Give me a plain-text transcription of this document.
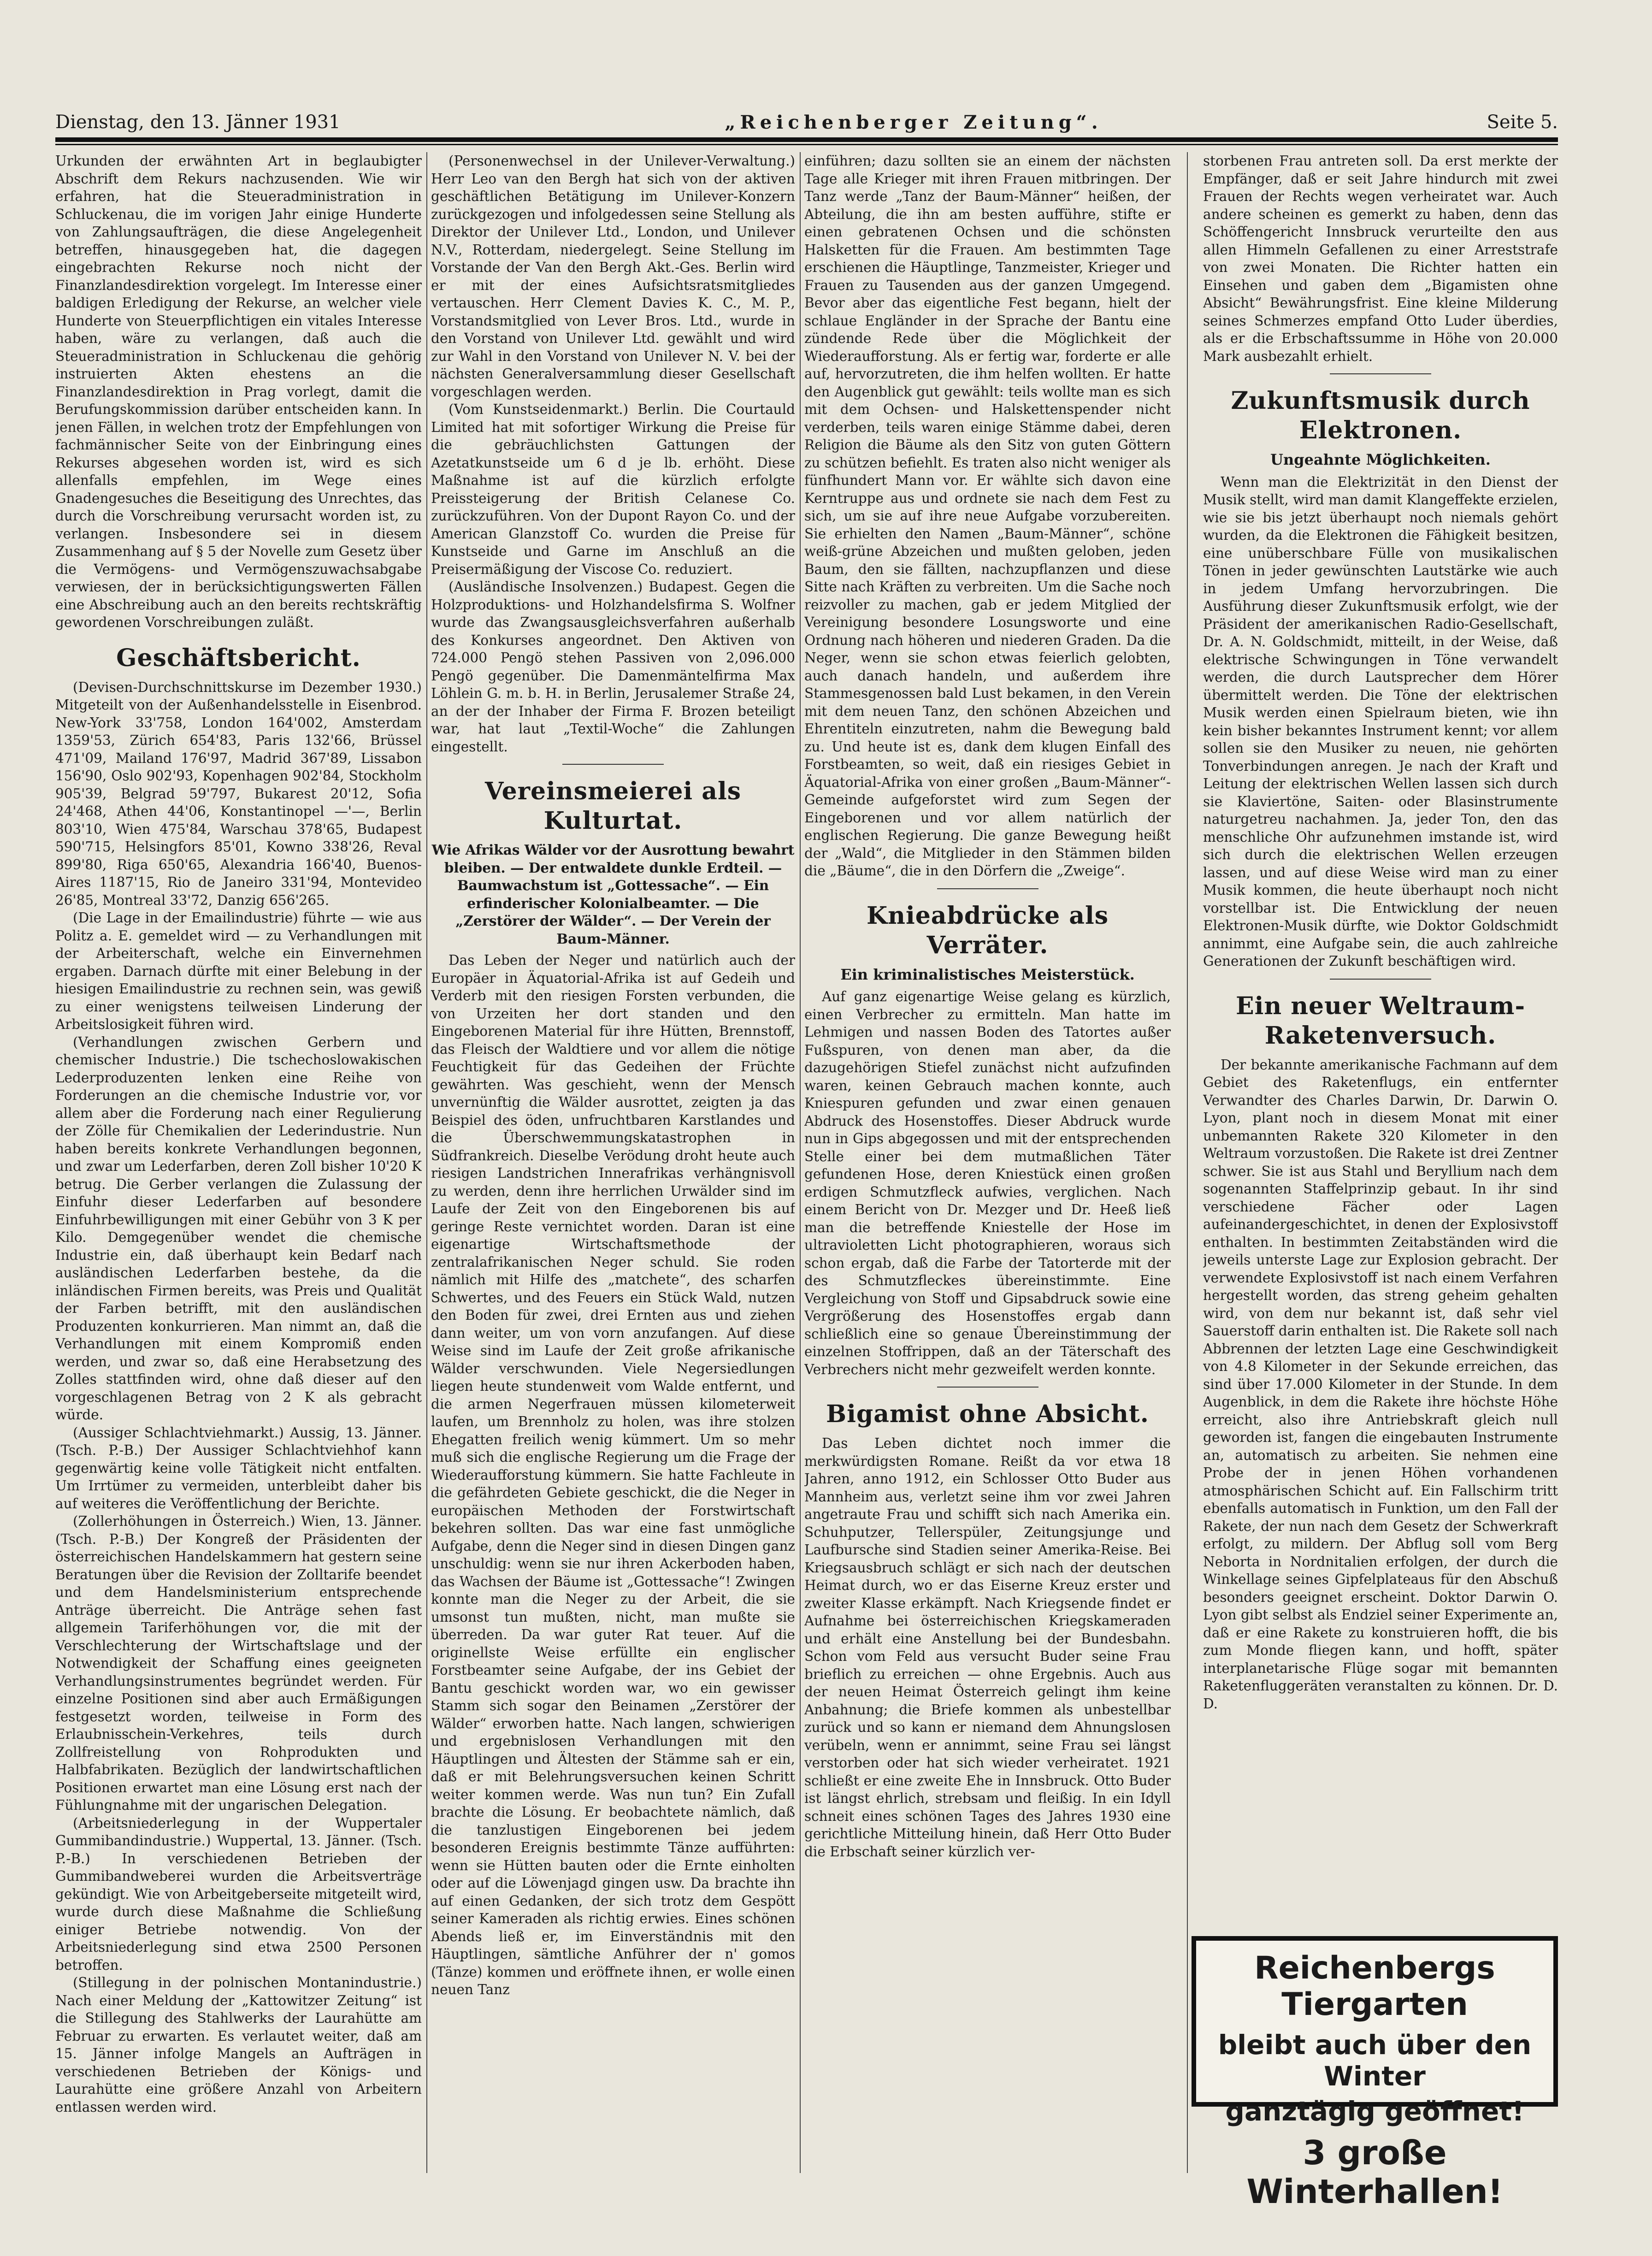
Dienstag, den 13. Jänner 1931	„Reichenberger Zeitung“.	Seite 5.

Urkunden der erwähnten Art in beglaubigter Abschrift dem Rekurs nachzusenden. Wie wir erfahren, hat die Steueradministration in Schluckenau, die im vorigen Jahr einige Hunderte von Zahlungsaufträgen, die diese Angelegenheit betreffen, hinausgegeben hat, die dagegen eingebrachten Rekurse noch nicht der Finanzlandesdirektion vorgelegt. Im Interesse einer baldigen Erledigung der Rekurse, an welcher viele Hunderte von Steuerpflichtigen ein vitales Interesse haben, wäre zu verlangen, daß auch die Steueradministration in Schluckenau die gehörig instruierten Akten ehestens an die Finanzlandesdirektion in Prag vorlegt, damit die Berufungskommission darüber entscheiden kann. In jenen Fällen, in welchen trotz der Empfehlungen von fachmännischer Seite von der Einbringung eines Rekurses abgesehen worden ist, wird es sich allenfalls empfehlen, im Wege eines Gnadengesuches die Beseitigung des Unrechtes, das durch die Vorschreibung verursacht worden ist, zu verlangen. Insbesondere sei in diesem Zusammenhang auf § 5 der Novelle zum Gesetz über die Vermögens- und Vermögenszuwachsabgabe verwiesen, der in berücksichtigungswerten Fällen eine Abschreibung auch an den bereits rechtskräftig gewordenen Vorschreibungen zuläßt.

Geschäftsbericht.

(Devisen-Durchschnittskurse im Dezember 1930.) Mitgeteilt von der Außenhandelsstelle in Eisenbrod. New-York 33'758, London 164'002, Amsterdam 1359'53, Zürich 654'83, Paris 132'66, Brüssel 471'09, Mailand 176'97, Madrid 367'89, Lissabon 156'90, Oslo 902'93, Kopenhagen 902'84, Stockholm 905'39, Belgrad 59'797, Bukarest 20'12, Sofia 24'468, Athen 44'06, Konstantinopel —'—, Berlin 803'10, Wien 475'84, Warschau 378'65, Budapest 590'715, Helsingfors 85'01, Kowno 338'26, Reval 899'80, Riga 650'65, Alexandria 166'40, Buenos-Aires 1187'15, Rio de Janeiro 331'94, Montevideo 26'85, Montreal 33'72, Danzig 656'265.

(Die Lage in der Emailindustrie) führte — wie aus Politz a. E. gemeldet wird — zu Verhandlungen mit der Arbeiterschaft, welche ein Einvernehmen ergaben. Darnach dürfte mit einer Belebung in der hiesigen Emailindustrie zu rechnen sein, was gewiß zu einer wenigstens teilweisen Linderung der Arbeitslosigkeit führen wird.

(Verhandlungen zwischen Gerbern und chemischer Industrie.) Die tschechoslowakischen Lederproduzenten lenken eine Reihe von Forderungen an die chemische Industrie vor, vor allem aber die Forderung nach einer Regulierung der Zölle für Chemikalien der Lederindustrie. Nun haben bereits konkrete Verhandlungen begonnen, und zwar um Lederfarben, deren Zoll bisher 10'20 K betrug. Die Gerber verlangen die Zulassung der Einfuhr dieser Lederfarben auf besondere Einfuhrbewilligungen mit einer Gebühr von 3 K per Kilo. Demgegenüber wendet die chemische Industrie ein, daß überhaupt kein Bedarf nach ausländischen Lederfarben bestehe, da die inländischen Firmen bereits, was Preis und Qualität der Farben betrifft, mit den ausländischen Produzenten konkurrieren. Man nimmt an, daß die Verhandlungen mit einem Kompromiß enden werden, und zwar so, daß eine Herabsetzung des Zolles stattfinden wird, ohne daß dieser auf den vorgeschlagenen Betrag von 2 K als gebracht würde.

(Aussiger Schlachtviehmarkt.) Aussig, 13. Jänner. (Tsch. P.-B.) Der Aussiger Schlachtviehhof kann gegenwärtig keine volle Tätigkeit nicht entfalten. Um Irrtümer zu vermeiden, unterbleibt daher bis auf weiteres die Veröffentlichung der Berichte.

(Zollerhöhungen in Österreich.) Wien, 13. Jänner. (Tsch. P.-B.) Der Kongreß der Präsidenten der österreichischen Handelskammern hat gestern seine Beratungen über die Revision der Zolltarife beendet und dem Handelsministerium entsprechende Anträge überreicht. Die Anträge sehen fast allgemein Tariferhöhungen vor, die mit der Verschlechterung der Wirtschaftslage und der Notwendigkeit der Schaffung eines geeigneten Verhandlungsinstrumentes begründet werden. Für einzelne Positionen sind aber auch Ermäßigungen festgesetzt worden, teilweise in Form des Erlaubnisschein-Verkehres, teils durch Zollfreistellung von Rohprodukten und Halbfabrikaten. Bezüglich der landwirtschaftlichen Positionen erwartet man eine Lösung erst nach der Fühlungnahme mit der ungarischen Delegation.

(Arbeitsniederlegung in der Wuppertaler Gummibandindustrie.) Wuppertal, 13. Jänner. (Tsch. P.-B.) In verschiedenen Betrieben der Gummibandweberei wurden die Arbeitsverträge gekündigt. Wie von Arbeitgeberseite mitgeteilt wird, wurde durch diese Maßnahme die Schließung einiger Betriebe notwendig. Von der Arbeitsniederlegung sind etwa 2500 Personen betroffen.

(Stillegung in der polnischen Montanindustrie.) Nach einer Meldung der „Kattowitzer Zeitung“ ist die Stillegung des Stahlwerks der Laurahütte am Februar zu erwarten. Es verlautet weiter, daß am 15. Jänner infolge Mangels an Aufträgen in verschiedenen Betrieben der Königs- und Laurahütte eine größere Anzahl von Arbeitern entlassen werden wird.

(Personenwechsel in der Unilever-Verwaltung.) Herr Leo van den Bergh hat sich von der aktiven geschäftlichen Betätigung im Unilever-Konzern zurückgezogen und infolgedessen seine Stellung als Direktor der Unilever Ltd., London, und Unilever N.V., Rotterdam, niedergelegt. Seine Stellung im Vorstande der Van den Bergh Akt.-Ges. Berlin wird er mit der eines Aufsichtsratsmitgliedes vertauschen. Herr Clement Davies K. C., M. P., Vorstandsmitglied von Lever Bros. Ltd., wurde in den Vorstand von Unilever Ltd. gewählt und wird zur Wahl in den Vorstand von Unilever N. V. bei der nächsten Generalversammlung dieser Gesellschaft vorgeschlagen werden.

(Vom Kunstseidenmarkt.) Berlin. Die Courtauld Limited hat mit sofortiger Wirkung die Preise für die gebräuchlichsten Gattungen der Azetatkunstseide um 6 d je lb. erhöht. Diese Maßnahme ist auf die kürzlich erfolgte Preissteigerung der British Celanese Co. zurückzuführen. Von der Dupont Rayon Co. und der American Glanzstoff Co. wurden die Preise für Kunstseide und Garne im Anschluß an die Preisermäßigung der Viscose Co. reduziert.

(Ausländische Insolvenzen.) Budapest. Gegen die Holzproduktions- und Holzhandelsfirma S. Wolfner wurde das Zwangsausgleichsverfahren außerhalb des Konkurses angeordnet. Den Aktiven von 724.000 Pengö stehen Passiven von 2,096.000 Pengö gegenüber. Die Damenmäntelfirma Max Löhlein G. m. b. H. in Berlin, Jerusalemer Straße 24, an der der Inhaber der Firma F. Brozen beteiligt war, hat laut „Textil-Woche“ die Zahlungen eingestellt.

Vereinsmeierei als Kulturtat.

Wie Afrikas Wälder vor der Ausrottung bewahrt bleiben. — Der entwaldete dunkle Erdteil. — Baumwachstum ist „Gottessache“. — Ein erfinderischer Kolonialbeamter. — Die „Zerstörer der Wälder“. — Der Verein der Baum-Männer.

Das Leben der Neger und natürlich auch der Europäer in Äquatorial-Afrika ist auf Gedeih und Verderb mit den riesigen Forsten verbunden, die von Urzeiten her dort standen und den Eingeborenen Material für ihre Hütten, Brennstoff, das Fleisch der Waldtiere und vor allem die nötige Feuchtigkeit für das Gedeihen der Früchte gewährten. Was geschieht, wenn der Mensch unvernünftig die Wälder ausrottet, zeigten ja das Beispiel des öden, unfruchtbaren Karstlandes und die Überschwemmungskatastrophen in Südfrankreich. Dieselbe Verödung droht heute auch riesigen Landstrichen Innerafrikas verhängnisvoll zu werden, denn ihre herrlichen Urwälder sind im Laufe der Zeit von den Eingeborenen bis auf geringe Reste vernichtet worden. Daran ist eine eigenartige Wirtschaftsmethode der zentralafrikanischen Neger schuld. Sie roden nämlich mit Hilfe des „matchete“, des scharfen Schwertes, und des Feuers ein Stück Wald, nutzen den Boden für zwei, drei Ernten aus und ziehen dann weiter, um von vorn anzufangen. Auf diese Weise sind im Laufe der Zeit große afrikanische Wälder verschwunden. Viele Negersiedlungen liegen heute stundenweit vom Walde entfernt, und die armen Negerfrauen müssen kilometerweit laufen, um Brennholz zu holen, was ihre stolzen Ehegatten freilich wenig kümmert. Um so mehr muß sich die englische Regierung um die Frage der Wiederaufforstung kümmern. Sie hatte Fachleute in die gefährdeten Gebiete geschickt, die die Neger in europäischen Methoden der Forstwirtschaft bekehren sollten. Das war eine fast unmögliche Aufgabe, denn die Neger sind in diesen Dingen ganz unschuldig: wenn sie nur ihren Ackerboden haben, das Wachsen der Bäume ist „Gottessache“! Zwingen konnte man die Neger zu der Arbeit, die sie umsonst tun mußten, nicht, man mußte sie überreden. Da war guter Rat teuer. Auf die originellste Weise erfüllte ein englischer Forstbeamter seine Aufgabe, der ins Gebiet der Bantu geschickt worden war, wo ein gewisser Stamm sich sogar den Beinamen „Zerstörer der Wälder“ erworben hatte. Nach langen, schwierigen und ergebnislosen Verhandlungen mit den Häuptlingen und Ältesten der Stämme sah er ein, daß er mit Belehrungsversuchen keinen Schritt weiter kommen werde. Was nun tun? Ein Zufall brachte die Lösung. Er beobachtete nämlich, daß die tanzlustigen Eingeborenen bei jedem besonderen Ereignis bestimmte Tänze aufführten: wenn sie Hütten bauten oder die Ernte einholten oder auf die Löwenjagd gingen usw. Da brachte ihn auf einen Gedanken, der sich trotz dem Gespött seiner Kameraden als richtig erwies. Eines schönen Abends ließ er, im Einverständnis mit den Häuptlingen, sämtliche Anführer der n' gomos (Tänze) kommen und eröffnete ihnen, er wolle einen neuen Tanz

einführen; dazu sollten sie an einem der nächsten Tage alle Krieger mit ihren Frauen mitbringen. Der Tanz werde „Tanz der Baum-Männer“ heißen, der Abteilung, die ihn am besten aufführe, stifte er einen gebratenen Ochsen und die schönsten Halsketten für die Frauen. Am bestimmten Tage erschienen die Häuptlinge, Tanzmeister, Krieger und Frauen zu Tausenden aus der ganzen Umgegend. Bevor aber das eigentliche Fest begann, hielt der schlaue Engländer in der Sprache der Bantu eine zündende Rede über die Möglichkeit der Wiederaufforstung. Als er fertig war, forderte er alle auf, hervorzutreten, die ihm helfen wollten. Er hatte den Augenblick gut gewählt: teils wollte man es sich mit dem Ochsen- und Halskettenspender nicht verderben, teils waren einige Stämme dabei, deren Religion die Bäume als den Sitz von guten Göttern zu schützen befiehlt. Es traten also nicht weniger als fünfhundert Mann vor. Er wählte sich davon eine Kerntruppe aus und ordnete sie nach dem Fest zu sich, um sie auf ihre neue Aufgabe vorzubereiten. Sie erhielten den Namen „Baum-Männer“, schöne weiß-grüne Abzeichen und mußten geloben, jeden Baum, den sie fällten, nachzupflanzen und diese Sitte nach Kräften zu verbreiten. Um die Sache noch reizvoller zu machen, gab er jedem Mitglied der Vereinigung besondere Losungsworte und eine Ordnung nach höheren und niederen Graden. Da die Neger, wenn sie schon etwas feierlich gelobten, auch danach handeln, und außerdem ihre Stammesgenossen bald Lust bekamen, in den Verein mit dem neuen Tanz, den schönen Abzeichen und Ehrentiteln einzutreten, nahm die Bewegung bald zu. Und heute ist es, dank dem klugen Einfall des Forstbeamten, so weit, daß ein riesiges Gebiet in Äquatorial-Afrika von einer großen „Baum-Männer“-Gemeinde aufgeforstet wird zum Segen der Eingeborenen und vor allem natürlich der englischen Regierung. Die ganze Bewegung heißt der „Wald“, die Mitglieder in den Stämmen bilden die „Bäume“, die in den Dörfern die „Zweige“.

Knieabdrücke als Verräter.
Ein kriminalistisches Meisterstück.

Auf ganz eigenartige Weise gelang es kürzlich, einen Verbrecher zu ermitteln. Man hatte im Lehmigen und nassen Boden des Tatortes außer Fußspuren, von denen man aber, da die dazugehörigen Stiefel zunächst nicht aufzufinden waren, keinen Gebrauch machen konnte, auch Kniespuren gefunden und zwar einen genauen Abdruck des Hosenstoffes. Dieser Abdruck wurde nun in Gips abgegossen und mit der entsprechenden Stelle einer bei dem mutmaßlichen Täter gefundenen Hose, deren Kniestück einen großen erdigen Schmutzfleck aufwies, verglichen. Nach einem Bericht von Dr. Mezger und Dr. Heeß ließ man die betreffende Kniestelle der Hose im ultravioletten Licht photographieren, woraus sich schon ergab, daß die Farbe der Tatorterde mit der des Schmutzfleckes übereinstimmte. Eine Vergleichung von Stoff und Gipsabdruck sowie eine Vergrößerung des Hosenstoffes ergab dann schließlich eine so genaue Übereinstimmung der einzelnen Stoffrippen, daß an der Täterschaft des Verbrechers nicht mehr gezweifelt werden konnte.

Bigamist ohne Absicht.

Das Leben dichtet noch immer die merkwürdigsten Romane. Reißt da vor etwa 18 Jahren, anno 1912, ein Schlosser Otto Buder aus Mannheim aus, verletzt seine ihm vor zwei Jahren angetraute Frau und schifft sich nach Amerika ein. Schuhputzer, Tellerspüler, Zeitungsjunge und Laufbursche sind Stadien seiner Amerika-Reise. Bei Kriegsausbruch schlägt er sich nach der deutschen Heimat durch, wo er das Eiserne Kreuz erster und zweiter Klasse erkämpft. Nach Kriegsende findet er Aufnahme bei österreichischen Kriegskameraden und erhält eine Anstellung bei der Bundesbahn. Schon vom Feld aus versucht Buder seine Frau brieflich zu erreichen — ohne Ergebnis. Auch aus der neuen Heimat Österreich gelingt ihm keine Anbahnung; die Briefe kommen als unbestellbar zurück und so kann er niemand dem Ahnungslosen verübeln, wenn er annimmt, seine Frau sei längst verstorben oder hat sich wieder verheiratet. 1921 schließt er eine zweite Ehe in Innsbruck. Otto Buder ist längst ehrlich, strebsam und fleißig. In ein Idyll schneit eines schönen Tages des Jahres 1930 eine gerichtliche Mitteilung hinein, daß Herr Otto Buder die Erbschaft seiner kürzlich ver-

storbenen Frau antreten soll. Da erst merkte der Empfänger, daß er seit Jahre hindurch mit zwei Frauen der Rechts wegen verheiratet war. Auch andere scheinen es gemerkt zu haben, denn das Schöffengericht Innsbruck verurteilte den aus allen Himmeln Gefallenen zu einer Arreststrafe von zwei Monaten. Die Richter hatten ein Einsehen und gaben dem „Bigamisten ohne Absicht“ Bewährungsfrist. Eine kleine Milderung seines Schmerzes empfand Otto Luder überdies, als er die Erbschaftssumme in Höhe von 20.000 Mark ausbezahlt erhielt.

Zukunftsmusik durch Elektronen.
Ungeahnte Möglichkeiten.

Wenn man die Elektrizität in den Dienst der Musik stellt, wird man damit Klangeffekte erzielen, wie sie bis jetzt überhaupt noch niemals gehört wurden, da die Elektronen die Fähigkeit besitzen, eine unüberschbare Fülle von musikalischen Tönen in jeder gewünschten Lautstärke wie auch in jedem Umfang hervorzubringen. Die Ausführung dieser Zukunftsmusik erfolgt, wie der Präsident der amerikanischen Radio-Gesellschaft, Dr. A. N. Goldschmidt, mitteilt, in der Weise, daß elektrische Schwingungen in Töne verwandelt werden, die durch Lautsprecher dem Hörer übermittelt werden. Die Töne der elektrischen Musik werden einen Spielraum bieten, wie ihn kein bisher bekanntes Instrument kennt; vor allem sollen sie den Musiker zu neuen, nie gehörten Tonverbindungen anregen. Je nach der Kraft und Leitung der elektrischen Wellen lassen sich durch sie Klaviertöne, Saiten- oder Blasinstrumente naturgetreu nachahmen. Ja, jeder Ton, den das menschliche Ohr aufzunehmen imstande ist, wird sich durch die elektrischen Wellen erzeugen lassen, und auf diese Weise wird man zu einer Musik kommen, die heute überhaupt noch nicht vorstellbar ist. Die Entwicklung der neuen Elektronen-Musik dürfte, wie Doktor Goldschmidt annimmt, eine Aufgabe sein, die auch zahlreiche Generationen der Zukunft beschäftigen wird.

Ein neuer Weltraum-Raketenversuch.

Der bekannte amerikanische Fachmann auf dem Gebiet des Raketenflugs, ein entfernter Verwandter des Charles Darwin, Dr. Darwin O. Lyon, plant noch in diesem Monat mit einer unbemannten Rakete 320 Kilometer in den Weltraum vorzustoßen. Die Rakete ist drei Zentner schwer. Sie ist aus Stahl und Beryllium nach dem sogenannten Staffelprinzip gebaut. In ihr sind verschiedene Fächer oder Lagen aufeinandergeschichtet, in denen der Explosivstoff enthalten. In bestimmten Zeitabständen wird die jeweils unterste Lage zur Explosion gebracht. Der verwendete Explosivstoff ist nach einem Verfahren hergestellt worden, das streng geheim gehalten wird, von dem nur bekannt ist, daß sehr viel Sauerstoff darin enthalten ist. Die Rakete soll nach Abbrennen der letzten Lage eine Geschwindigkeit von 4.8 Kilometer in der Sekunde erreichen, das sind über 17.000 Kilometer in der Stunde. In dem Augenblick, in dem die Rakete ihre höchste Höhe erreicht, also ihre Antriebskraft gleich null geworden ist, fangen die eingebauten Instrumente an, automatisch zu arbeiten. Sie nehmen eine Probe der in jenen Höhen vorhandenen atmosphärischen Schicht auf. Ein Fallschirm tritt ebenfalls automatisch in Funktion, um den Fall der Rakete, der nun nach dem Gesetz der Schwerkraft erfolgt, zu mildern. Der Abflug soll vom Berg Neborta in Nordnitalien erfolgen, der durch die Winkellage seines Gipfelplateaus für den Abschuß besonders geeignet erscheint. Doktor Darwin O. Lyon gibt selbst als Endziel seiner Experimente an, daß er eine Rakete zu konstruieren hofft, die bis zum Monde fliegen kann, und hofft, später interplanetarische Flüge sogar mit bemannten Raketenfluggeräten veranstalten zu können. Dr. D. D.

Reichenbergs Tiergarten
bleibt auch über den Winter
ganztägig geöffnet!
3 große Winterhallen!
